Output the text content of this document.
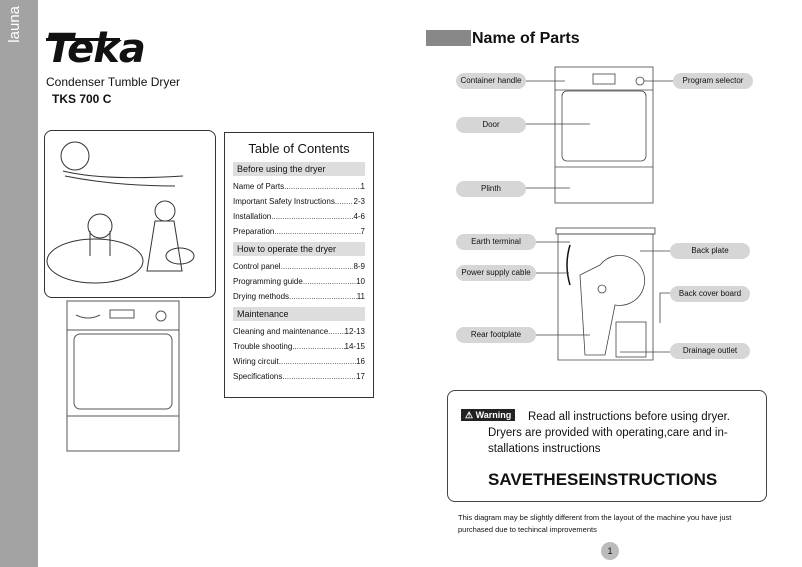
launa
Teka
Condenser Tumble Dryer
TKS 700 C
Table of Contents
Before using the dryer
Name of Parts .....	1
Important Safety Instructions ..... 2-3
Installation .....	4-6
Preparation .....	7
How to operate the dryer
Control panel .....	8-9
Programming guide .....	10
Drying methods .....	11
Maintenance
Cleaning and maintenance ..... 12-13
Trouble shooting .....	14-15
Wiring circuit .....	16
Specifications .....	17
Name of Parts
Container handle
Door
Plinth
Program selector
Earth terminal
Power supply cable
Rear footplate
Back plate
Back cover board
Drainage outlet
⚠ Warning	Read all instructions before using dryer.
Dryers are provided with operating,care and in- stallations instructions
SAVETHESEINSTRUCTIONS
This diagram may be slightly different from the layout of the machine you have just purchased due to techincal improvements
1
